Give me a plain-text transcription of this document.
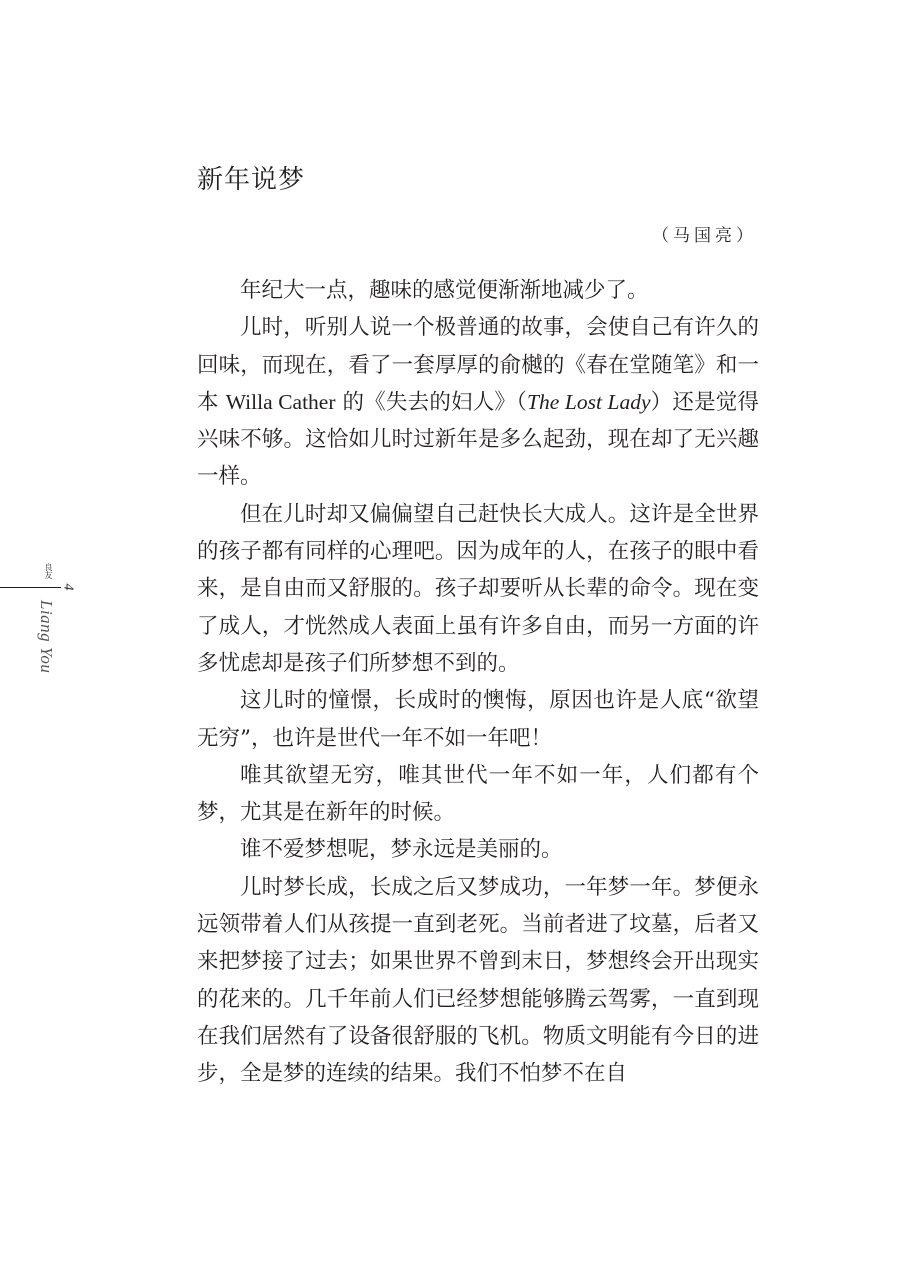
新年说梦
（马国亮）

年纪大一点，趣味的感觉便渐渐地减少了。

儿时，听别人说一个极普通的故事，会使自己有许久的回味，而现在，看了一套厚厚的俞樾的《春在堂随笔》和一本 Willa Cather 的《失去的妇人》（The Lost Lady）还是觉得兴味不够。这恰如儿时过新年是多么起劲，现在却了无兴趣一样。

但在儿时却又偏偏望自己赶快长大成人。这许是全世界的孩子都有同样的心理吧。因为成年的人，在孩子的眼中看来，是自由而又舒服的。孩子却要听从长辈的命令。现在变了成人，才恍然成人表面上虽有许多自由，而另一方面的许多忧虑却是孩子们所梦想不到的。

这儿时的憧憬，长成时的懊悔，原因也许是人底“欲望无穷”，也许是世代一年不如一年吧！

唯其欲望无穷，唯其世代一年不如一年，人们都有个梦，尤其是在新年的时候。

谁不爱梦想呢，梦永远是美丽的。

儿时梦长成，长成之后又梦成功，一年梦一年。梦便永远领带着人们从孩提一直到老死。当前者进了坟墓，后者又来把梦接了过去；如果世界不曾到末日，梦想终会开出现实的花来的。几千年前人们已经梦想能够腾云驾雾，一直到现在我们居然有了设备很舒服的飞机。物质文明能有今日的进步，全是梦的连续的结果。我们不怕梦不在自

良友
4
Liang You
